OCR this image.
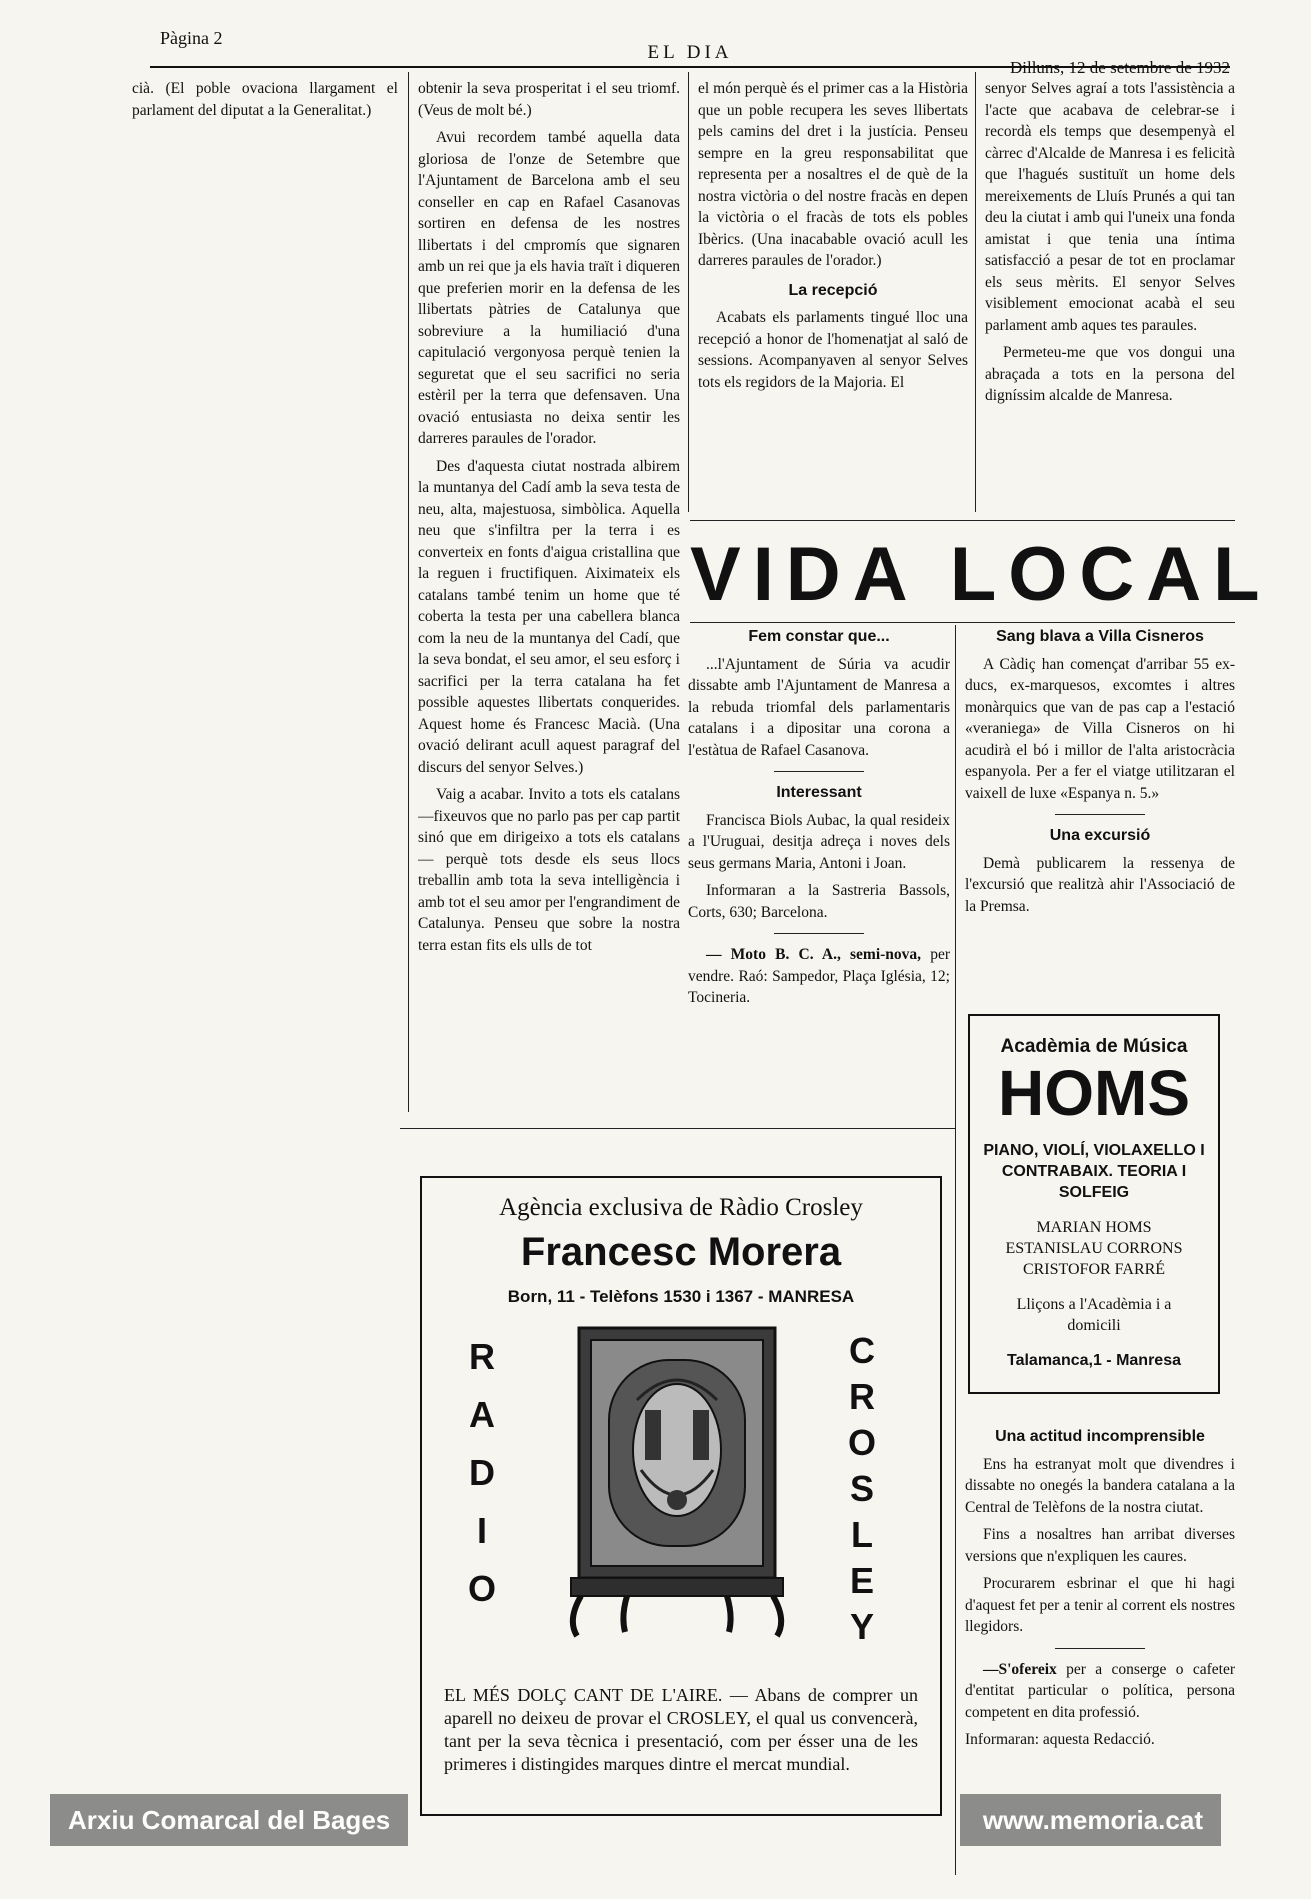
Pàgina 2
EL DIA
Dilluns, 12 de setembre de 1932

cià. (El poble ovaciona llargament el parlament del diputat a la Generalitat.)

obtenir la seva prosperitat i el seu triomf. (Veus de molt bé.)

Avui recordem també aquella data gloriosa de l'onze de Setembre que l'Ajuntament de Barcelona amb el seu conseller en cap en Rafael Casanovas sortiren en defensa de les nostres llibertats i del cmpromís que signaren amb un rei que ja els havia traït i diqueren que preferien morir en la defensa de les llibertats pàtries de Catalunya que sobreviure a la humiliació d'una capitulació vergonyosa perquè tenien la seguretat que el seu sacrifici no seria estèril per la terra que defensaven. Una ovació entusiasta no deixa sentir les darreres paraules de l'orador.

Des d'aquesta ciutat nostrada albirem la muntanya del Cadí amb la seva testa de neu, alta, majestuosa, simbòlica. Aquella neu que s'infiltra per la terra i es converteix en fonts d'aigua cristallina que la reguen i fructifiquen. Aiximateix els catalans també tenim un home que té coberta la testa per una cabellera blanca com la neu de la muntanya del Cadí, que la seva bondat, el seu amor, el seu esforç i sacrifici per la terra catalana ha fet possible aquestes llibertats conquerides. Aquest home és Francesc Macià. (Una ovació delirant acull aquest paragraf del discurs del senyor Selves.)

Vaig a acabar. Invito a tots els catalans —fixeuvos que no parlo pas per cap partit sinó que em dirigeixo a tots els catalans— perquè tots desde els seus llocs treballin amb tota la seva intelligència i amb tot el seu amor per l'engrandiment de Catalunya. Penseu que sobre la nostra terra estan fits els ulls de tot

el món perquè és el primer cas a la Història que un poble recupera les seves llibertats pels camins del dret i la justícia. Penseu sempre en la greu responsabilitat que representa per a nosaltres el de què de la nostra victòria o del nostre fracàs en depen la victòria o el fracàs de tots els pobles Ibèrics. (Una inacabable ovació acull les darreres paraules de l'orador.)

La recepció

Acabats els parlaments tingué lloc una recepció a honor de l'homenatjat al saló de sessions. Acompanyaven al senyor Selves tots els regidors de la Majoria. El

senyor Selves agraí a tots l'assistència a l'acte que acabava de celebrar-se i recordà els temps que desempenyà el càrrec d'Alcalde de Manresa i es felicità que l'hagués sustituït un home dels mereixements de Lluís Prunés a qui tan deu la ciutat i amb qui l'uneix una fonda amistat i que tenia una íntima satisfacció a pesar de tot en proclamar els seus mèrits. El senyor Selves visiblement emocionat acabà el seu parlament amb aques tes paraules.

Permeteu-me que vos dongui una abraçada a tots en la persona del digníssim alcalde de Manresa.

VIDA LOCAL
Fem constar que...

...l'Ajuntament de Súria va acudir dissabte amb l'Ajuntament de Manresa a la rebuda triomfal dels parlamentaris catalans i a dipositar una corona a l'estàtua de Rafael Casanova.

Interessant

Francisca Biols Aubac, la qual resideix a l'Uruguai, desitja adreça i noves dels seus germans Maria, Antoni i Joan.

Informaran a la Sastreria Bassols, Corts, 630; Barcelona.

— Moto B. C. A., semi-nova, per vendre. Raó: Sampedor, Plaça Iglésia, 12; Tocineria.

Sang blava a Villa Cisneros

A Càdiç han començat d'arribar 55 ex-ducs, ex-marquesos, excomtes i altres monàrquics que van de pas cap a l'estació «veraniega» de Villa Cisneros on hi acudirà el bó i millor de l'alta aristocràcia espanyola. Per a fer el viatge utilitzaran el vaixell de luxe «Espanya n. 5.»

Una excursió

Demà publicarem la ressenya de l'excursió que realitzà ahir l'Associació de la Premsa.

Acadèmia de Música
HOMS
PIANO, VIOLÍ, VIOLAXELLO I CONTRABAIX. TEORIA I SOLFEIG
MARIAN HOMS
ESTANISLAU CORRONS
CRISTOFOR FARRÉ
Lliçons a l'Acadèmia i a domicili
Talamanca,1 - Manresa
Una actitud incomprensible

Ens ha estranyat molt que divendres i dissabte no onegés la bandera catalana a la Central de Telèfons de la nostra ciutat.

Fins a nosaltres han arribat diverses versions que n'expliquen les caures.

Procurarem esbrinar el que hi hagi d'aquest fet per a tenir al corrent els nostres llegidors.

—S'ofereix per a conserge o cafeter d'entitat particular o política, persona competent en dita professió.

Informaran: aquesta Redacció.

Agència exclusiva de Ràdio Crosley
Francesc Morera
Born, 11 - Telèfons 1530 i 1367 - MANRESA
R
A
D
I
O
C
R
O
S
L
E
Y
EL MÉS DOLÇ CANT DE L'AIRE. — Abans de comprer un aparell no deixeu de provar el CROSLEY, el qual us convencerà, tant per la seva tècnica i presentació, com per ésser una de les primeres i distingides marques dintre el mercat mundial.
Arxiu Comarcal del Bages	www.memoria.cat
